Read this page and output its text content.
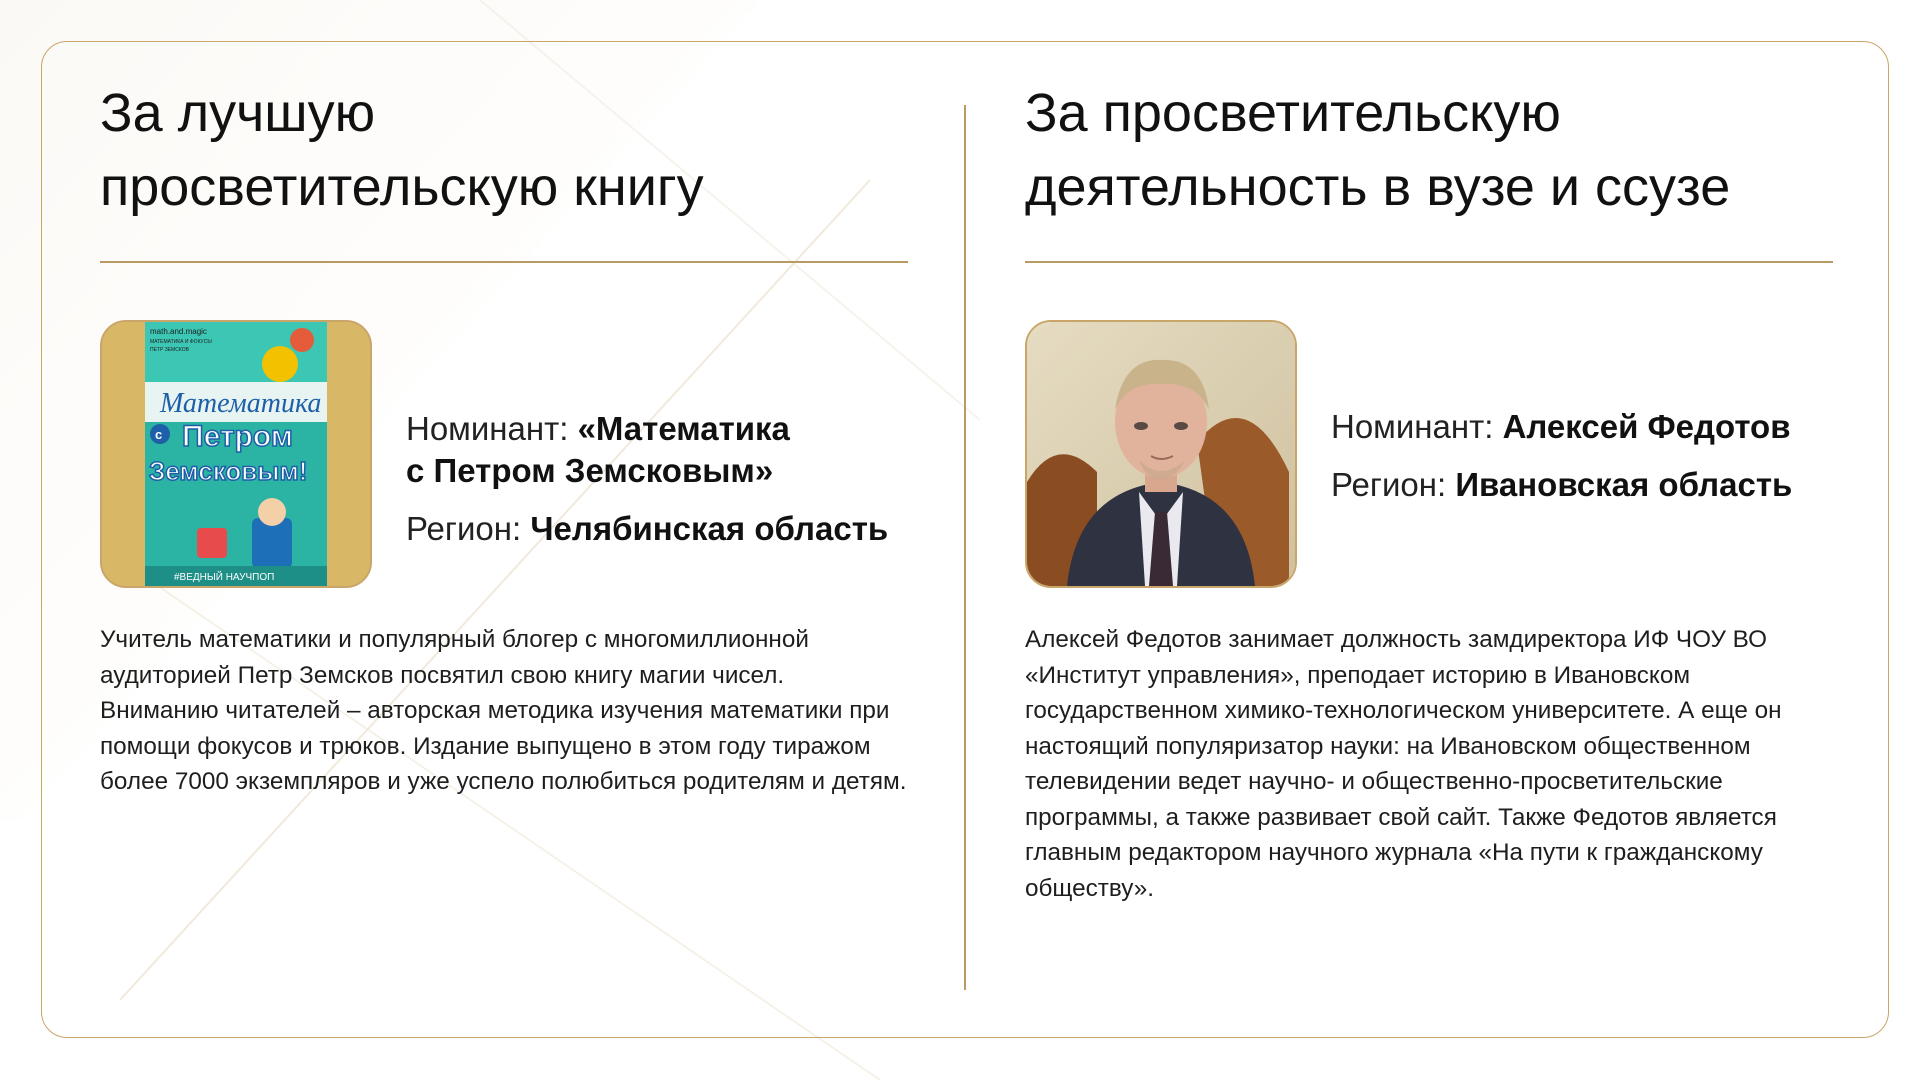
За лучшую
просветительскую книгу
math.and.magic
МАТЕМАТИКА И ФОКУСЫ
ПЕТР ЗЕМСКОВ
Математика
с Петром
Земсковым!
#ВЕДНЫЙ НАУЧПОП
Номинант: «Математика
с Петром Земсковым»
Регион: Челябинская область

Учитель математики и популярный блогер с многомиллионной аудиторией Петр Земсков посвятил свою книгу магии чисел. Вниманию читателей – авторская методика изучения математики при помощи фокусов и трюков. Издание выпущено в этом году тиражом более 7000 экземпляров и уже успело полюбиться родителям и детям.

За просветительскую
деятельность в вузе и ссузе
Номинант: Алексей Федотов
Регион: Ивановская область

Алексей Федотов занимает должность замдиректора ИФ ЧОУ ВО «Институт управления», преподает историю в Ивановском государственном химико-технологическом университете. А еще он настоящий популяризатор науки: на Ивановском общественном телевидении ведет научно- и общественно-просветительские программы, а также развивает свой сайт. Также Федотов является главным редактором научного журнала «На пути к гражданскому обществу».
